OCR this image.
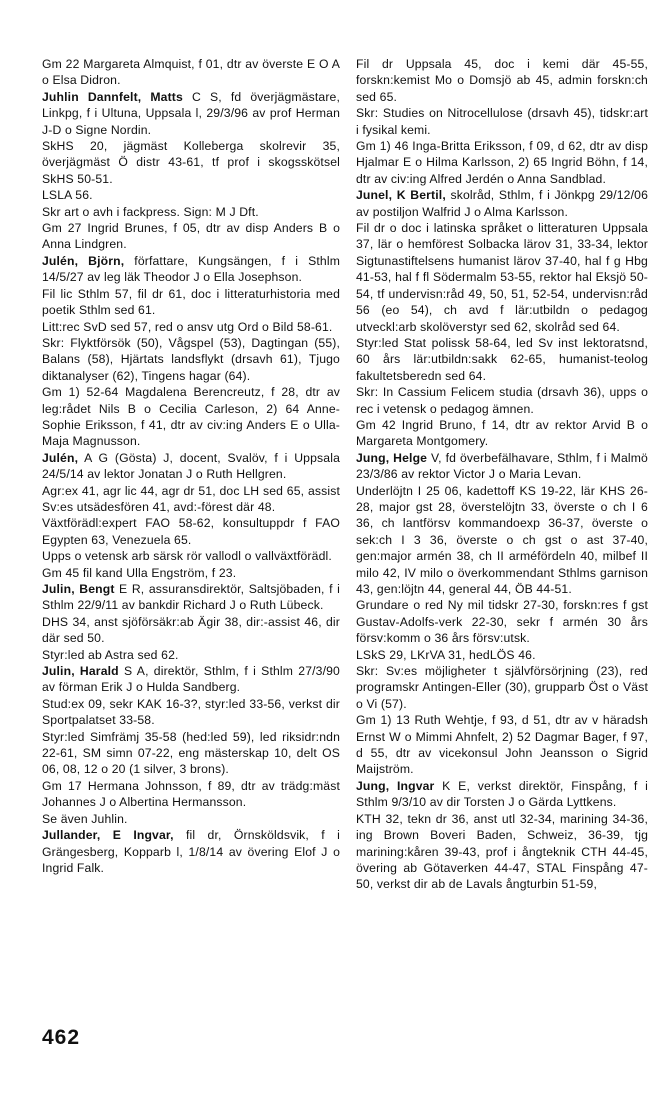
Gm 22 Margareta Almquist, f 01, dtr av överste E O A o Elsa Didron.

Juhlin Dannfelt, Matts C S, fd överjägmästare, Linkpg, f i Ultuna, Uppsala l, 29/3/96 av prof Herman J-D o Signe Nordin.

SkHS 20, jägmäst Kolleberga skolrevir 35, överjägmäst Ö distr 43-61, tf prof i skogsskötsel SkHS 50-51.

LSLA 56.

Skr art o avh i fackpress. Sign: M J Dft.

Gm 27 Ingrid Brunes, f 05, dtr av disp Anders B o Anna Lindgren.

Julén, Björn, författare, Kungsängen, f i Sthlm 14/5/27 av leg läk Theodor J o Ella Josephson.

Fil lic Sthlm 57, fil dr 61, doc i litteraturhistoria med poetik Sthlm sed 61.

Litt:rec SvD sed 57, red o ansv utg Ord o Bild 58-61.

Skr: Flyktförsök (50), Vågspel (53), Dagtingan (55), Balans (58), Hjärtats landsflykt (drsavh 61), Tjugo diktanalyser (62), Tingens hagar (64).

Gm 1) 52-64 Magdalena Berencreutz, f 28, dtr av leg:rådet Nils B o Cecilia Carleson, 2) 64 Anne-Sophie Eriksson, f 41, dtr av civ:ing Anders E o Ulla-Maja Magnusson.

Julén, A G (Gösta) J, docent, Svalöv, f i Uppsala 24/5/14 av lektor Jonatan J o Ruth Hellgren.

Agr:ex 41, agr lic 44, agr dr 51, doc LH sed 65, assist Sv:es utsädesfören 41, avd:-förest där 48.

Växtförädl:expert FAO 58-62, konsultuppdr f FAO Egypten 63, Venezuela 65.

Upps o vetensk arb särsk rör vallodl o vallväxtförädl.

Gm 45 fil kand Ulla Engström, f 23.

Julin, Bengt E R, assuransdirektör, Saltsjöbaden, f i Sthlm 22/9/11 av bankdir Richard J o Ruth Lübeck.

DHS 34, anst sjöförsäkr:ab Ägir 38, dir:-assist 46, dir där sed 50.

Styr:led ab Astra sed 62.

Julin, Harald S A, direktör, Sthlm, f i Sthlm 27/3/90 av förman Erik J o Hulda Sandberg.

Stud:ex 09, sekr KAK 16-3?, styr:led 33-56, verkst dir Sportpalatset 33-58.

Styr:led Simfrämj 35-58 (hed:led 59), led riksidr:ndn 22-61, SM simn 07-22, eng mästerskap 10, delt OS 06, 08, 12 o 20 (1 silver, 3 brons).

Gm 17 Hermana Johnsson, f 89, dtr av trädg:mäst Johannes J o Albertina Hermansson.

Se även Juhlin.

Jullander, E Ingvar, fil dr, Örnsköldsvik, f i Grängesberg, Kopparb l, 1/8/14 av övering Elof J o Ingrid Falk.

Fil dr Uppsala 45, doc i kemi där 45-55, forskn:kemist Mo o Domsjö ab 45, admin forskn:ch sed 65.

Skr: Studies on Nitrocellulose (drsavh 45), tidskr:art i fysikal kemi.

Gm 1) 46 Inga-Britta Eriksson, f 09, d 62, dtr av disp Hjalmar E o Hilma Karlsson, 2) 65 Ingrid Böhn, f 14, dtr av civ:ing Alfred Jerdén o Anna Sandblad.

Junel, K Bertil, skolråd, Sthlm, f i Jönkpg 29/12/06 av postiljon Walfrid J o Alma Karlsson.

Fil dr o doc i latinska språket o litteraturen Uppsala 37, lär o hemförest Solbacka lärov 31, 33-34, lektor Sigtunastiftelsens humanist lärov 37-40, hal f g Hbg 41-53, hal f fl Södermalm 53-55, rektor hal Eksjö 50-54, tf undervisn:råd 49, 50, 51, 52-54, undervisn:råd 56 (eo 54), ch avd f lär:utbildn o pedagog utveckl:arb skolöverstyr sed 62, skolråd sed 64.

Styr:led Stat polissk 58-64, led Sv inst lektoratsnd, 60 års lär:utbildn:sakk 62-65, humanist-teolog fakultetsberedn sed 64.

Skr: In Cassium Felicem studia (drsavh 36), upps o rec i vetensk o pedagog ämnen.

Gm 42 Ingrid Bruno, f 14, dtr av rektor Arvid B o Margareta Montgomery.

Jung, Helge V, fd överbefälhavare, Sthlm, f i Malmö 23/3/86 av rektor Victor J o Maria Levan.

Underlöjtn I 25 06, kadettoff KS 19-22, lär KHS 26-28, major gst 28, överstelöjtn 33, överste o ch I 6 36, ch lantförsv kommandoexp 36-37, överste o sek:ch I 3 36, överste o ch gst o ast 37-40, gen:major armén 38, ch II arméfördeln 40, milbef II milo 42, IV milo o överkommendant Sthlms garnison 43, gen:löjtn 44, general 44, ÖB 44-51.

Grundare o red Ny mil tidskr 27-30, forskn:res f gst Gustav-Adolfs-verk 22-30, sekr f armén 30 års försv:komm o 36 års försv:utsk.

LSkS 29, LKrVA 31, hedLÖS 46.

Skr: Sv:es möjligheter t självförsörjning (23), red programskr Antingen-Eller (30), grupparb Öst o Väst o Vi (57).

Gm 1) 13 Ruth Wehtje, f 93, d 51, dtr av v häradsh Ernst W o Mimmi Ahnfelt, 2) 52 Dagmar Bager, f 97, d 55, dtr av vicekonsul John Jeansson o Sigrid Maijström.

Jung, Ingvar K E, verkst direktör, Finspång, f i Sthlm 9/3/10 av dir Torsten J o Gärda Lyttkens.

KTH 32, tekn dr 36, anst utl 32-34, marining 34-36, ing Brown Boveri Baden, Schweiz, 36-39, tjg marining:kåren 39-43, prof i ångteknik CTH 44-45, övering ab Götaverken 44-47, STAL Finspång 47-50, verkst dir ab de Lavals ångturbin 51-59,

462
